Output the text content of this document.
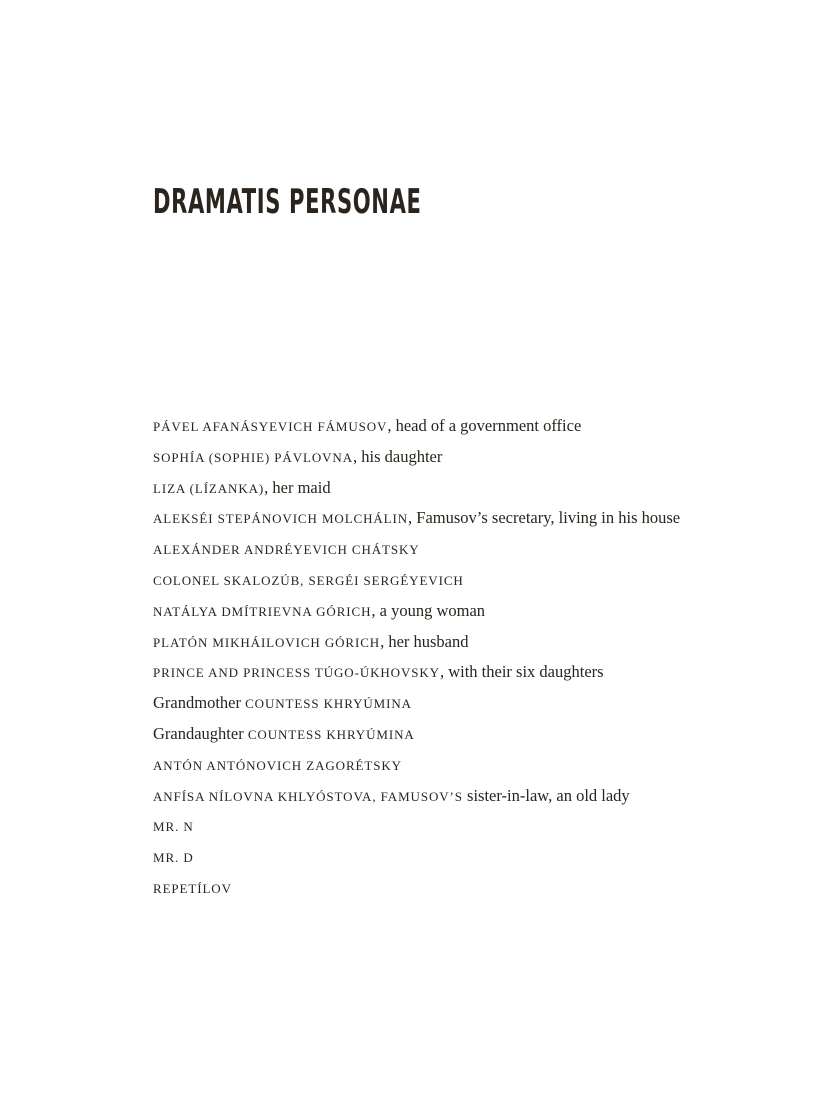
DRAMATIS PERSONAE
PÁVEL AFANÁSYEVICH FÁMUSOV, head of a government office
SOPHÍA (SOPHIE) PÁVLOVNA, his daughter
LIZA (LÍZANKA), her maid
ALEKSÉI STEPÁNOVICH MOLCHÁLIN, Famusov’s secretary, living in his house
ALEXÁNDER ANDRÉYEVICH CHÁTSKY
COLONEL SKALOZÚB, SERGÉI SERGÉYEVICH
NATÁLYA DMÍTRIEVNA GÓRICH, a young woman
PLATÓN MIKHÁILOVICH GÓRICH, her husband
PRINCE AND PRINCESS TÚGO-ÚKHOVSKY, with their six daughters
Grandmother COUNTESS KHRYÚMINA
Grandaughter COUNTESS KHRYÚMINA
ANTÓN ANTÓNOVICH ZAGORÉTSKY
ANFÍSA NÍLOVNA KHLYÓSTOVA, FAMUSOV’S sister-in-law, an old lady
MR. N
MR. D
REPETÍLOV
